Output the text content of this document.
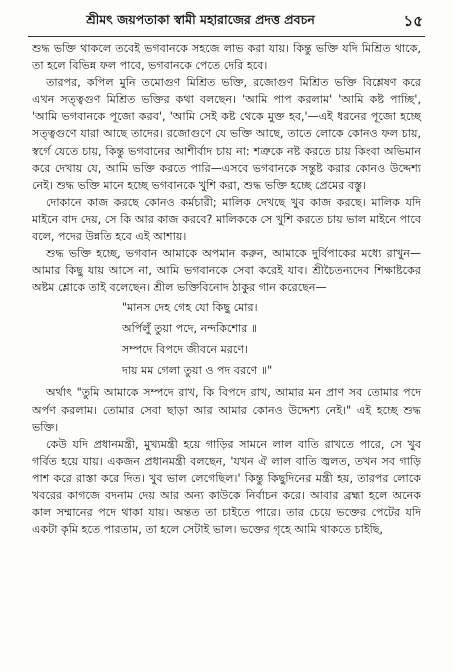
শ্রীমৎ জয়পতাকা স্বামী মহারাজের প্রদত্ত প্রবচন	১৫

শুদ্ধ ভক্তি থাকলে তবেই ভগবানকে সহজে লাভ করা যায়। কিন্তু ভক্তি যদি মিশ্রিত থাকে, তা হলে বিভিন্ন ফল পাবে, ভগবানকে পেতে দেরি হবে।

তারপর, কপিল মুনি তমোগুণ মিশ্রিত ভক্তি, রজোগুণ মিশ্রিত ভক্তি বিশ্লেষণ করে এখন সত্ত্বগুণ মিশ্রিত ভক্তির কথা বলছেন। 'আমি পাপ করলাম' 'আমি কষ্ট পাচ্ছি', 'আমি ভগবানকে পূজো করব', 'আমি সেই কষ্ট থেকে মুক্ত হব,'—এই ধরনের পূজো হচ্ছে সত্ত্বগুণে যারা আছে তাদের। রজোগুণে যে ভক্তি আছে, তাতে লোকে কোনও ফল চায়, স্বর্গে যেতে চায়, কিন্তু ভগবানের আশীর্বাদ চায় না: শত্রুকে নষ্ট করতে চায় কিংবা অভিমান করে দেখায় যে, আমি ভক্তি করতে পারি—এসবে ভগবানকে সন্তুষ্ট করার কোনও উদ্দেশ্য নেই। শুদ্ধ ভক্তি মানে হচ্ছে ভগবানকে খুশি করা, শুদ্ধ ভক্তি হচ্ছে প্রেমের বস্তু।

দোকানে কাজ করছে কোনও কর্মচারী; মালিক দেখছে খুব কাজ করছে। মালিক যদি মাইনে বাদ দেয়, সে কি আর কাজ করবে? মালিককে সে খুশি করতে চায় ভাল মাইনে পাবে বলে, পদের উন্নতি হবে এই আশায়।

শুদ্ধ ভক্তি হচ্ছে, ভগবান আমাকে অপমান করুন, আমাকে দুর্বিপাকের মধ্যে রাখুন—আমার কিছু যায় আসে না, আমি ভগবানকে সেবা করেই যাব। শ্রীচৈতন্যদেব শিক্ষাষ্টকের অষ্টম শ্লোকে তাই বলেছেন। শ্রীল ভক্তিবিনোদ ঠাকুর গান করেছেন—

"মানস দেহ গেহ যো কিছু মোর।
অর্পিলুঁ তুয়া পদে, নন্দকিশোর ॥
সম্পদে বিপদে জীবনে মরণে।
দায় মম গেলা তুয়া ও পদ বরণে ॥"

অর্থাৎ "তুমি আমাকে সম্পদে রাখ, কি বিপদে রাখ, আমার মন প্রাণ সব তোমার পদে অর্পণ করলাম। তোমার সেবা ছাড়া আর আমার কোনও উদ্দেশ্য নেই।" এই হচ্ছে শুদ্ধ ভক্তি।

কেউ যদি প্রধানমন্ত্রী, মুখ্যমন্ত্রী হয়ে গাড়ির সামনে লাল বাতি রাখতে পারে, সে খুব গর্বিত হয়ে যায়। একজন প্রধানমন্ত্রী বলছেন, 'যখন ঐ লাল বাতি জ্বলত, তখন সব গাড়ি পাশ করে রাস্তা করে দিত। খুব ভাল লেগেছিল।' কিন্তু কিছুদিনের মন্ত্রী হয়, তারপর লোকে খবরের কাগজে বদনাম দেয় আর অন্য কাউকে নির্বাচন করে। আবার ব্রহ্মা হলে অনেক কাল সম্মানের পদে থাকা যায়। অন্তত তা চাইতে পারে। তার চেয়ে ভক্তের পেটের যদি একটা কৃমি হতে পারতাম, তা হলে সেটাই ভাল। ভক্তের গৃহে আমি থাকতে চাইছি,
